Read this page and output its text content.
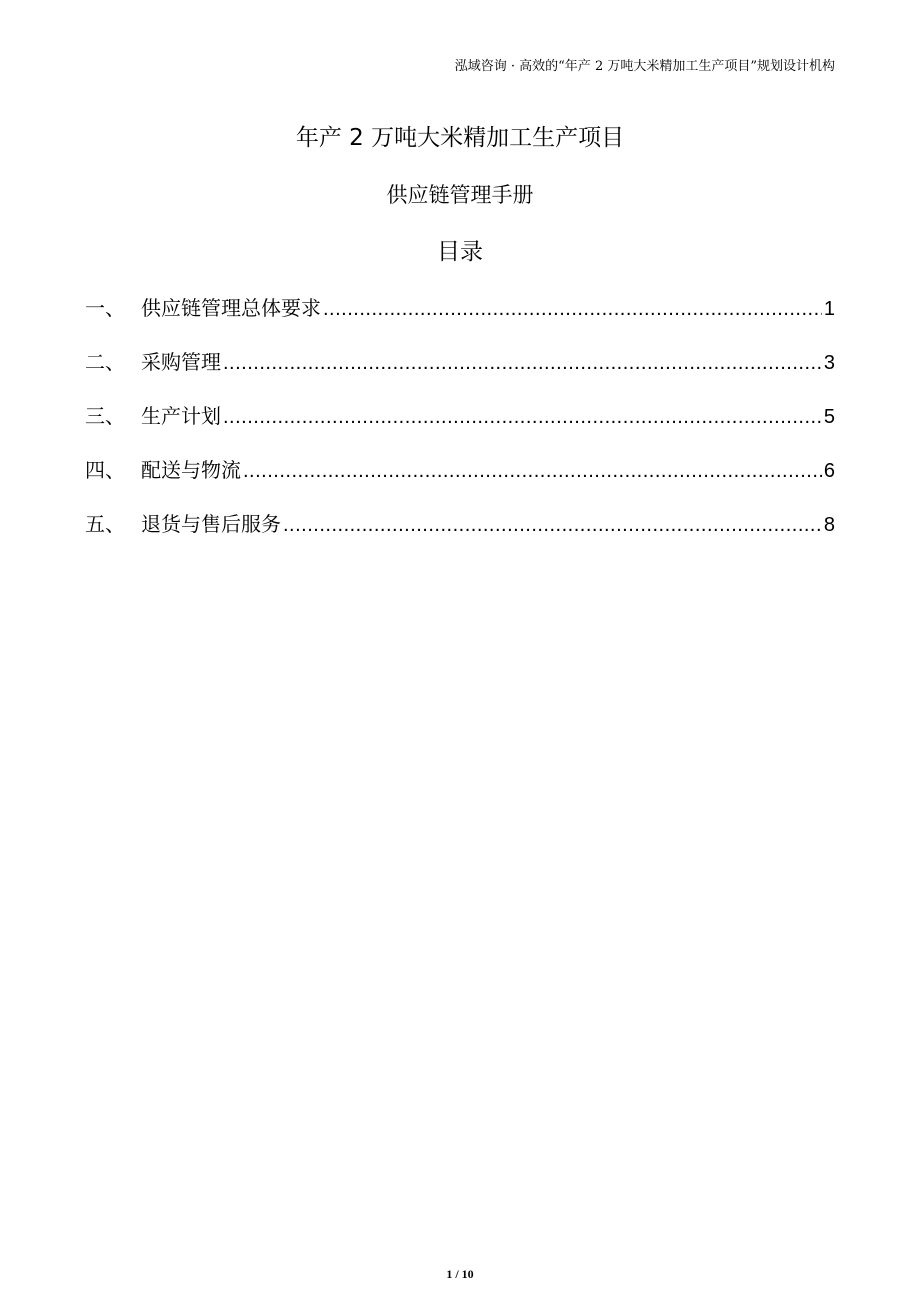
泓域咨询 · 高效的“年产 2 万吨大米精加工生产项目”规划设计机构
年产 2 万吨大米精加工生产项目
供应链管理手册
目录
一、 供应链管理总体要求 .....	1
二、 采购管理 .....	3
三、 生产计划 .....	5
四、 配送与物流 .....	6
五、 退货与售后服务 .....	8
1 / 10
